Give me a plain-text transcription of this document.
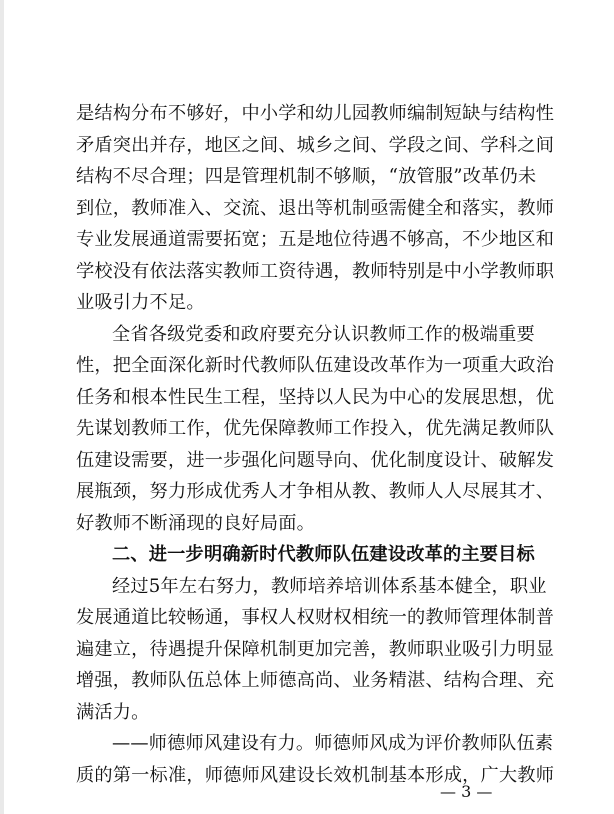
是结构分布不够好，中小学和幼儿园教师编制短缺与结构性
矛盾突出并存，地区之间、城乡之间、学段之间、学科之间
结构不尽合理；四是管理机制不够顺，“放管服”改革仍未
到位，教师准入、交流、退出等机制亟需健全和落实，教师
专业发展通道需要拓宽；五是地位待遇不够高，不少地区和
学校没有依法落实教师工资待遇，教师特别是中小学教师职
业吸引力不足。
全省各级党委和政府要充分认识教师工作的极端重要
性，把全面深化新时代教师队伍建设改革作为一项重大政治
任务和根本性民生工程，坚持以人民为中心的发展思想，优
先谋划教师工作，优先保障教师工作投入，优先满足教师队
伍建设需要，进一步强化问题导向、优化制度设计、破解发
展瓶颈，努力形成优秀人才争相从教、教师人人尽展其才、
好教师不断涌现的良好局面。
二、进一步明确新时代教师队伍建设改革的主要目标
经过5年左右努力，教师培养培训体系基本健全，职业
发展通道比较畅通，事权人权财权相统一的教师管理体制普
遍建立，待遇提升保障机制更加完善，教师职业吸引力明显
增强，教师队伍总体上师德高尚、业务精湛、结构合理、充
满活力。
——师德师风建设有力。师德师风成为评价教师队伍素
质的第一标准，师德师风建设长效机制基本形成，广大教师
— 3 —
